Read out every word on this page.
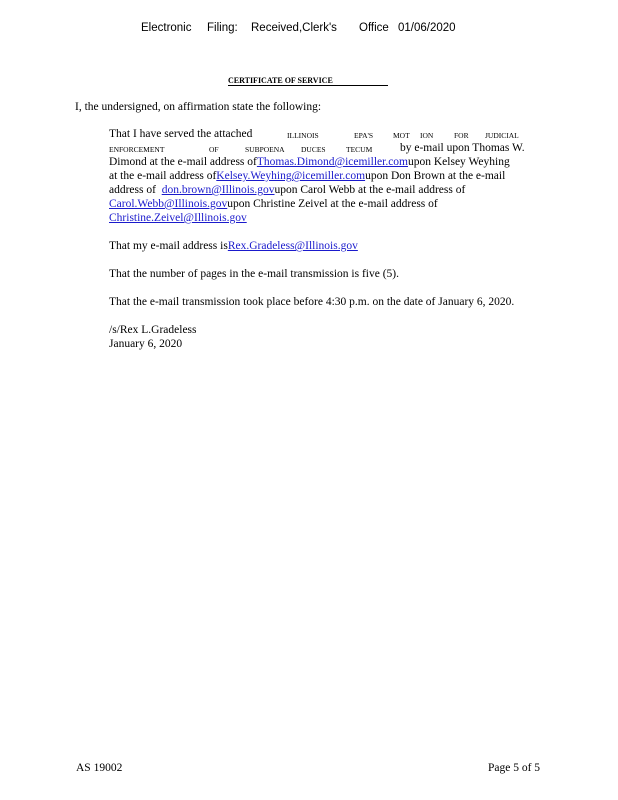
Electronic Filing: Received,Clerk's Office 01/06/2020
CERTIFICATE OF SERVICE
I, the undersigned, on affirmation state the following:
That I have served the attached	ILLINOIS	EPA'S	MOT ION	FOR JUDICIAL
ENFORCEMENT	OF	SUBPOENA DUCES	TECUM by e-mail upon Thomas W.
Dimond at the e-mail address ofThomas.Dimond@icemiller.comupon Kelsey Weyhing
at the e-mail address ofKelsey.Weyhing@icemiller.comupon Don Brown at the e-mail
address of don.brown@Illinois.govupon Carol Webb at the e-mail address of
Carol.Webb@Illinois.govupon Christine Zeivel at the e-mail address of
Christine.Zeivel@Illinois.gov
That my e-mail address isRex.Gradeless@Illinois.gov
That the number of pages in the e-mail transmission is five (5).
That the e-mail transmission took place before 4:30 p.m. on the date of January 6, 2020.
/s/Rex L.Gradeless
January 6, 2020
AS 19002	Page 5 of 5
